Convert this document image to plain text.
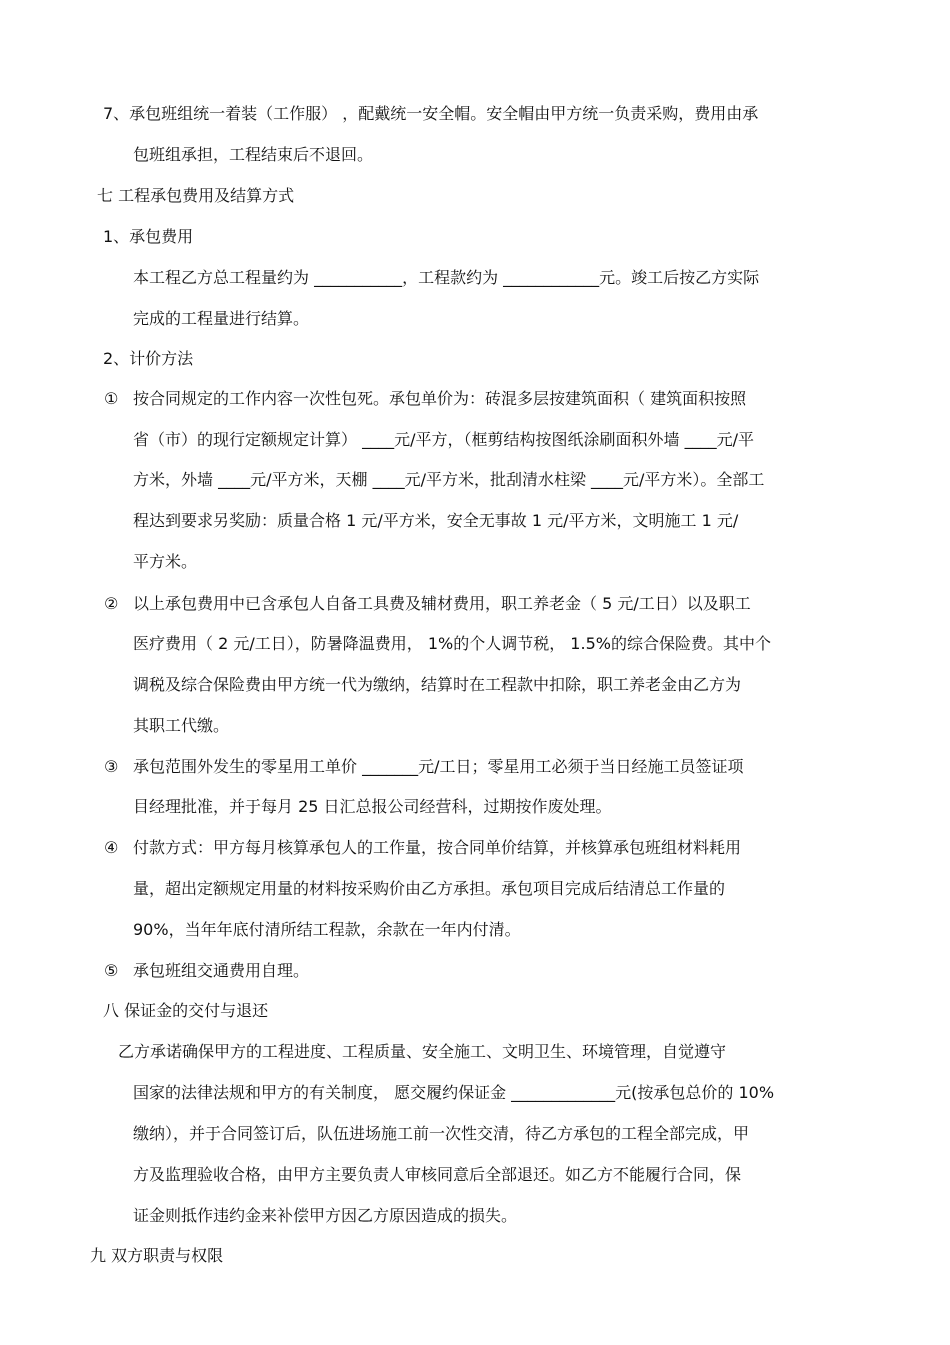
7、承包班组统一着装（工作服） ，配戴统一安全帽。安全帽由甲方统一负责采购，费用由承

包班组承担，工程结束后不退回。

七 工程承包费用及结算方式

1、承包费用

本工程乙方总工程量约为 ___________，工程款约为 ____________元。竣工后按乙方实际

完成的工程量进行结算。

2、计价方法

① 按合同规定的工作内容一次性包死。承包单价为：砖混多层按建筑面积（ 建筑面积按照

省（市）的现行定额规定计算） ____元/平方，（框剪结构按图纸涂刷面积外墙 ____元/平

方米，外墙 ____元/平方米，天棚 ____元/平方米，批刮清水柱梁 ____元/平方米）。全部工

程达到要求另奖励：质量合格 1 元/平方米，安全无事故 1 元/平方米，文明施工 1 元/

平方米。

② 以上承包费用中已含承包人自备工具费及辅材费用，职工养老金（ 5 元/工日）以及职工

医疗费用（ 2 元/工日），防暑降温费用， 1%的个人调节税， 1.5%的综合保险费。其中个

调税及综合保险费由甲方统一代为缴纳，结算时在工程款中扣除，职工养老金由乙方为

其职工代缴。

③ 承包范围外发生的零星用工单价 _______元/工日；零星用工必须于当日经施工员签证项

目经理批准，并于每月 25 日汇总报公司经营科，过期按作废处理。

④ 付款方式：甲方每月核算承包人的工作量，按合同单价结算，并核算承包班组材料耗用

量，超出定额规定用量的材料按采购价由乙方承担。承包项目完成后结清总工作量的

90%，当年年底付清所结工程款，余款在一年内付清。

⑤ 承包班组交通费用自理。

八 保证金的交付与退还

乙方承诺确保甲方的工程进度、工程质量、安全施工、文明卫生、环境管理，自觉遵守

国家的法律法规和甲方的有关制度， 愿交履约保证金 _____________元(按承包总价的 10%

缴纳），并于合同签订后，队伍进场施工前一次性交清，待乙方承包的工程全部完成，甲

方及监理验收合格，由甲方主要负责人审核同意后全部退还。如乙方不能履行合同，保

证金则抵作违约金来补偿甲方因乙方原因造成的损失。

九 双方职责与权限
